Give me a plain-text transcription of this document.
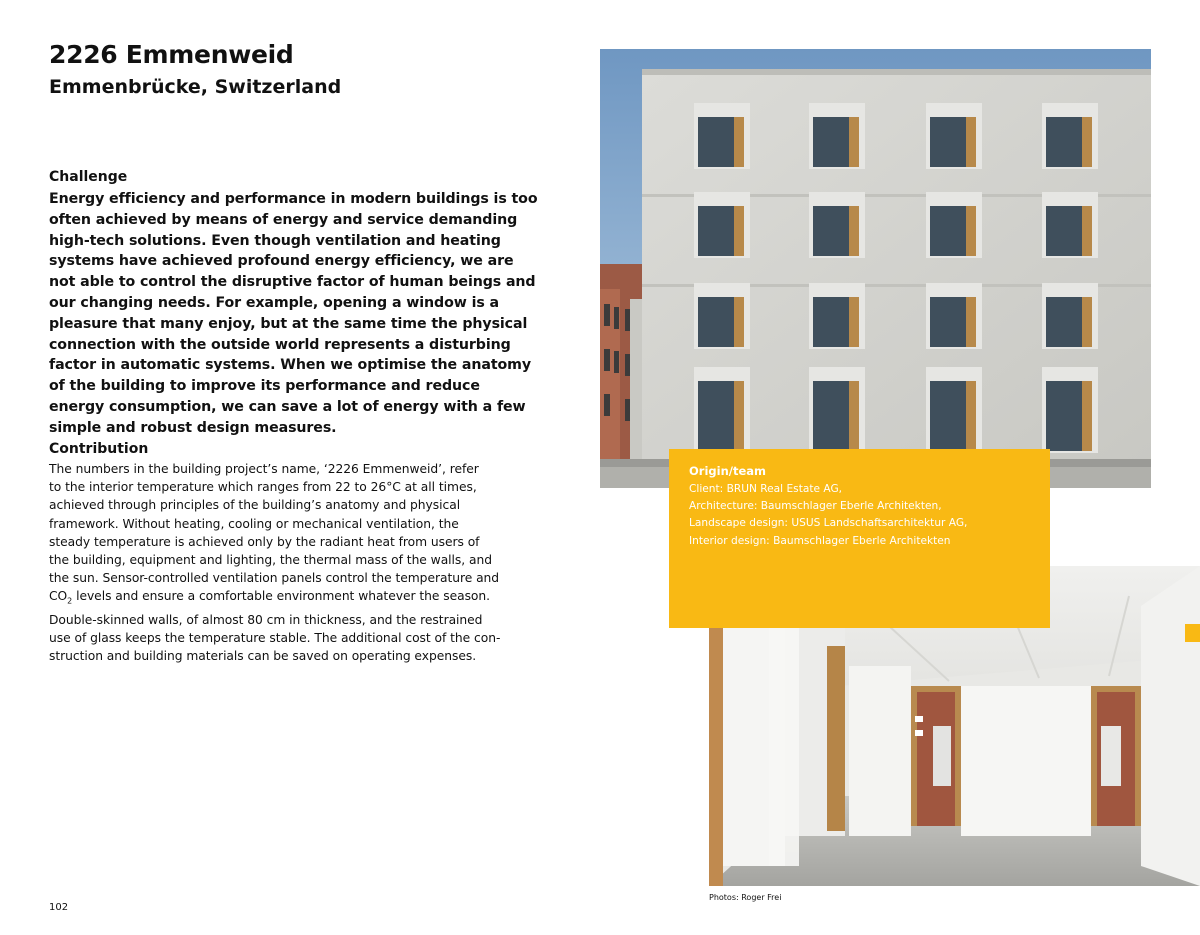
2226 Emmenweid
Emmenbrücke, Switzerland
Challenge

Energy efficiency and performance in modern buildings is too often achieved by means of energy and service demanding high-tech solutions. Even though ventilation and heating systems have achieved profound energy efficiency, we are not able to control the disruptive factor of human beings and our changing needs. For example, opening a window is a pleasure that many enjoy, but at the same time the physical connection with the outside world represents a disturbing factor in automatic systems. When we optimise the anatomy of the building to improve its performance and reduce energy consumption, we can save a lot of energy with a few simple and robust design measures.

Contribution
The numbers in the building project’s name, ‘2226 Emmenweid’, refer
to the interior temperature which ranges from 22 to 26°C at all times,
achieved through principles of the building’s anatomy and physical
framework. Without heating, cooling or mechanical ventilation, the
steady temperature is achieved only by the radiant heat from users of
the building, equipment and lighting, the thermal mass of the walls, and
the sun. Sensor-controlled ventilation panels control the temperature and
$CO_2$ levels and ensure a comfortable environment whatever the season.
Double-skinned walls, of almost 80 cm in thickness, and the restrained
use of glass keeps the temperature stable. The additional cost of the con-
struction and building materials can be saved on operating expenses.
Origin/team
Client: BRUN Real Estate AG,
Architecture: Baumschlager Eberle Architekten,
Landscape design: USUS Landschaftsarchitektur AG,
Interior design: Baumschlager Eberle Architekten
Photos: Roger Frei
102
